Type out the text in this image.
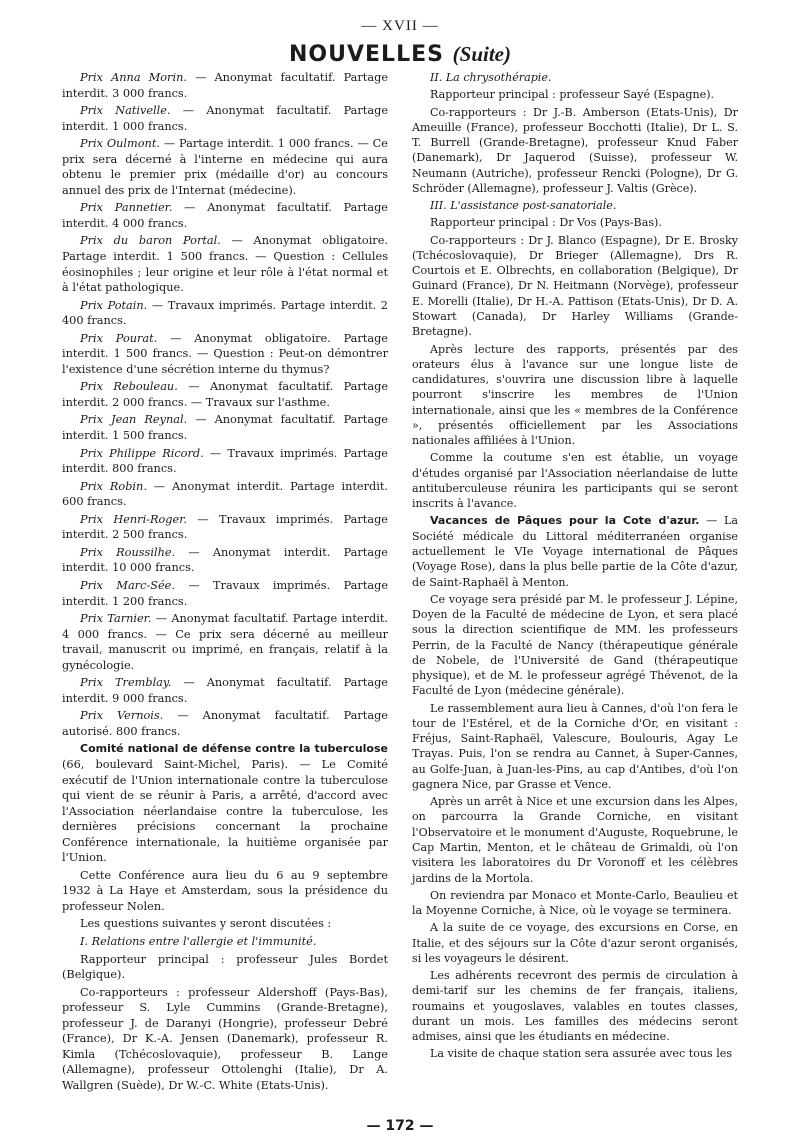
— XVII —
NOUVELLES (Suite)

Prix Anna Morin. — Anonymat facultatif. Partage interdit. 3 000 francs.

Prix Nativelle. — Anonymat facultatif. Partage interdit. 1 000 francs.

Prix Oulmont. — Partage interdit. 1 000 francs. — Ce prix sera décerné à l'interne en médecine qui aura obtenu le premier prix (médaille d'or) au concours annuel des prix de l'Internat (médecine).

Prix Pannetier. — Anonymat facultatif. Partage interdit. 4 000 francs.

Prix du baron Portal. — Anonymat obligatoire. Partage interdit. 1 500 francs. — Question : Cellules éosinophiles ; leur origine et leur rôle à l'état normal et à l'état pathologique.

Prix Potain. — Travaux imprimés. Partage interdit. 2 400 francs.

Prix Pourat. — Anonymat obligatoire. Partage interdit. 1 500 francs. — Question : Peut-on démontrer l'existence d'une sécrétion interne du thymus?

Prix Rebouleau. — Anonymat facultatif. Partage interdit. 2 000 francs. — Travaux sur l'asthme.

Prix Jean Reynal. — Anonymat facultatif. Partage interdit. 1 500 francs.

Prix Philippe Ricord. — Travaux imprimés. Partage interdit. 800 francs.

Prix Robin. — Anonymat interdit. Partage interdit. 600 francs.

Prix Henri-Roger. — Travaux imprimés. Partage interdit. 2 500 francs.

Prix Roussilhe. — Anonymat interdit. Partage interdit. 10 000 francs.

Prix Marc-Sée. — Travaux imprimés. Partage interdit. 1 200 francs.

Prix Tarnier. — Anonymat facultatif. Partage interdit. 4 000 francs. — Ce prix sera décerné au meilleur travail, manuscrit ou imprimé, en français, relatif à la gynécologie.

Prix Tremblay. — Anonymat facultatif. Partage interdit. 9 000 francs.

Prix Vernois. — Anonymat facultatif. Partage autorisé. 800 francs.

Comité national de défense contre la tuberculose (66, boulevard Saint-Michel, Paris). — Le Comité exécutif de l'Union internationale contre la tuberculose qui vient de se réunir à Paris, a arrêté, d'accord avec l'Association néerlandaise contre la tuberculose, les dernières précisions concernant la prochaine Conférence internationale, la huitième organisée par l'Union.

Cette Conférence aura lieu du 6 au 9 septembre 1932 à La Haye et Amsterdam, sous la présidence du professeur Nolen.

Les questions suivantes y seront discutées :

I. Relations entre l'allergie et l'immunité.

Rapporteur principal : professeur Jules Bordet (Belgique).

Co-rapporteurs : professeur Aldershoff (Pays-Bas), professeur S. Lyle Cummins (Grande-Bretagne), professeur J. de Daranyi (Hongrie), professeur Debré (France), Dr K.-A. Jensen (Danemark), professeur R. Kimla (Tchécoslovaquie), professeur B. Lange (Allemagne), professeur Ottolenghi (Italie), Dr A. Wallgren (Suède), Dr W.-C. White (Etats-Unis).

II. La chrysothérapie.

Rapporteur principal : professeur Sayé (Espagne).

Co-rapporteurs : Dr J.-B. Amberson (Etats-Unis), Dr Ameuille (France), professeur Bocchotti (Italie), Dr L. S. T. Burrell (Grande-Bretagne), professeur Knud Faber (Danemark), Dr Jaquerod (Suisse), professeur W. Neumann (Autriche), professeur Rencki (Pologne), Dr G. Schröder (Allemagne), professeur J. Valtis (Grèce).

III. L'assistance post-sanatoriale.

Rapporteur principal : Dr Vos (Pays-Bas).

Co-rapporteurs : Dr J. Blanco (Espagne), Dr E. Brosky (Tchécoslovaquie), Dr Brieger (Allemagne), Drs R. Courtois et E. Olbrechts, en collaboration (Belgique), Dr Guinard (France), Dr N. Heitmann (Norvège), professeur E. Morelli (Italie), Dr H.-A. Pattison (Etats-Unis), Dr D. A. Stowart (Canada), Dr Harley Williams (Grande-Bretagne).

Après lecture des rapports, présentés par des orateurs élus à l'avance sur une longue liste de candidatures, s'ouvrira une discussion libre à laquelle pourront s'inscrire les membres de l'Union internationale, ainsi que les « membres de la Conférence », présentés officiellement par les Associations nationales affiliées à l'Union.

Comme la coutume s'en est établie, un voyage d'études organisé par l'Association néerlandaise de lutte antituberculeuse réunira les participants qui se seront inscrits à l'avance.

Vacances de Pâques pour la Cote d'azur. — La Société médicale du Littoral méditerranéen organise actuellement le VIe Voyage international de Pâques (Voyage Rose), dans la plus belle partie de la Côte d'azur, de Saint-Raphaël à Menton.

Ce voyage sera présidé par M. le professeur J. Lépine, Doyen de la Faculté de médecine de Lyon, et sera placé sous la direction scientifique de MM. les professeurs Perrin, de la Faculté de Nancy (thérapeutique générale de Nobele, de l'Université de Gand (thérapeutique physique), et de M. le professeur agrégé Thévenot, de la Faculté de Lyon (médecine générale).

Le rassemblement aura lieu à Cannes, d'où l'on fera le tour de l'Estérel, et de la Corniche d'Or, en visitant : Fréjus, Saint-Raphaël, Valescure, Boulouris, Agay Le Trayas. Puis, l'on se rendra au Cannet, à Super-Cannes, au Golfe-Juan, à Juan-les-Pins, au cap d'Antibes, d'où l'on gagnera Nice, par Grasse et Vence.

Après un arrêt à Nice et une excursion dans les Alpes, on parcourra la Grande Corniche, en visitant l'Observatoire et le monument d'Auguste, Roquebrune, le Cap Martin, Menton, et le château de Grimaldi, où l'on visitera les laboratoires du Dr Voronoff et les célèbres jardins de la Mortola.

On reviendra par Monaco et Monte-Carlo, Beaulieu et la Moyenne Corniche, à Nice, où le voyage se terminera.

A la suite de ce voyage, des excursions en Corse, en Italie, et des séjours sur la Côte d'azur seront organisés, si les voyageurs le désirent.

Les adhérents recevront des permis de circulation à demi-tarif sur les chemins de fer français, italiens, roumains et yougoslaves, valables en toutes classes, durant un mois. Les familles des médecins seront admises, ainsi que les étudiants en médecine.

La visite de chaque station sera assurée avec tous les

— 172 —
